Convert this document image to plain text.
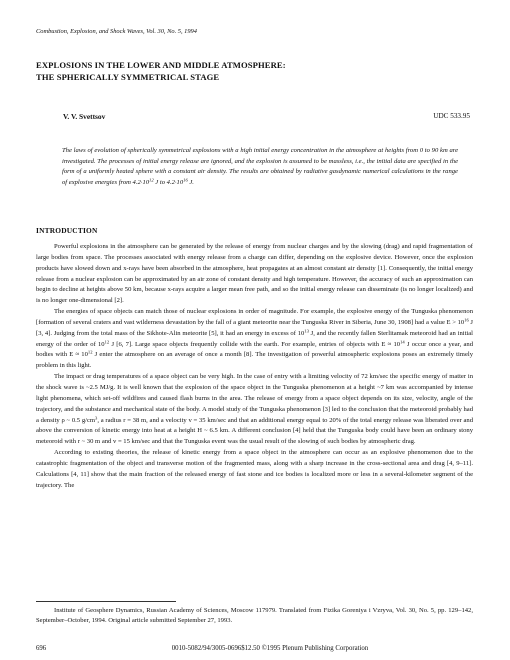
Combustion, Explosion, and Shock Waves, Vol. 30, No. 5, 1994
EXPLOSIONS IN THE LOWER AND MIDDLE ATMOSPHERE:
THE SPHERICALLY SYMMETRICAL STAGE
V. V. Svettsov	UDC 533.95
The laws of evolution of spherically symmetrical explosions with a high initial energy concentration in the atmosphere at heights from 0 to 90 km are investigated. The processes of initial energy release are ignored, and the explosion is assumed to be massless, i.e., the initial data are specified in the form of a uniformly heated sphere with a constant air density. The results are obtained by radiative gasdynamic numerical calculations in the range of explosive energies from $4.2\cdot 10^{12}$ J to $4.2\cdot 10^{16}$ J.
INTRODUCTION

Powerful explosions in the atmosphere can be generated by the release of energy from nuclear charges and by the slowing (drag) and rapid fragmentation of large bodies from space. The processes associated with energy release from a charge can differ, depending on the explosive device. However, once the explosion products have slowed down and x-rays have been absorbed in the atmosphere, heat propagates at an almost constant air density [1]. Consequently, the initial energy release from a nuclear explosion can be approximated by an air zone of constant density and high temperature. However, the accuracy of such an approximation can begin to decline at heights above 50 km, because x-rays acquire a larger mean free path, and so the initial energy release can disseminate (is no longer localized) and is no longer one-dimensional [2].

The energies of space objects can match those of nuclear explosions in order of magnitude. For example, the explosive energy of the Tunguska phenomenon [formation of several craters and vast wilderness devastation by the fall of a giant meteorite near the Tunguska River in Siberia, June 30, 1908] had a value $E > 10^{16}$ J [3, 4]. Judging from the total mass of the Sikhote-Alin meteorite [5], it had an energy in excess of $10^{13}$ J, and the recently fallen Sterlitamak meteoroid had an initial energy of the order of $10^{12}$ J [6, 7]. Large space objects frequently collide with the earth. For example, entries of objects with $E \approx 10^{14}$ J occur once a year, and bodies with $E \approx 10^{12}$ J enter the atmosphere on an average of once a month [8]. The investigation of powerful atmospheric explosions poses an extremely timely problem in this light.

The impact or drag temperatures of a space object can be very high. In the case of entry with a limiting velocity of 72 km/sec the specific energy of matter in the shock wave is ~2.5 MJ/g. It is well known that the explosion of the space object in the Tunguska phenomenon at a height ~7 km was accompanied by intense light phenomena, which set-off wildfires and caused flash burns in the area. The release of energy from a space object depends on its size, velocity, angle of the trajectory, and the substance and mechanical state of the body. A model study of the Tunguska phenomenon [3] led to the conclusion that the meteoroid probably had a density ρ ~ 0.5 $g/cm^3$, a radius r = 38 m, and a velocity v = 35 km/sec and that an additional energy equal to 20% of the total energy release was liberated over and above the conversion of kinetic energy into heat at a height H ~ 6.5 km. A different conclusion [4] held that the Tunguska body could have been an ordinary stony meteoroid with r ~ 30 m and v = 15 km/sec and that the Tunguska event was the usual result of the slowing of such bodies by atmospheric drag.

According to existing theories, the release of kinetic energy from a space object in the atmosphere can occur as an explosive phenomenon due to the catastrophic fragmentation of the object and transverse motion of the fragmented mass, along with a sharp increase in the cross-sectional area and drag [4, 9–11]. Calculations [4, 11] show that the main fraction of the released energy of fast stone and ice bodies is localized more or less in a several-kilometer segment of the trajectory. The

Institute of Geosphere Dynamics, Russian Academy of Sciences, Moscow 117979. Translated from Fizika Goreniya i Vzryva, Vol. 30, No. 5, pp. 129–142, September–October, 1994. Original article submitted September 27, 1993.
696	0010-5082/94/3005-0696$12.50 ©1995 Plenum Publishing Corporation
